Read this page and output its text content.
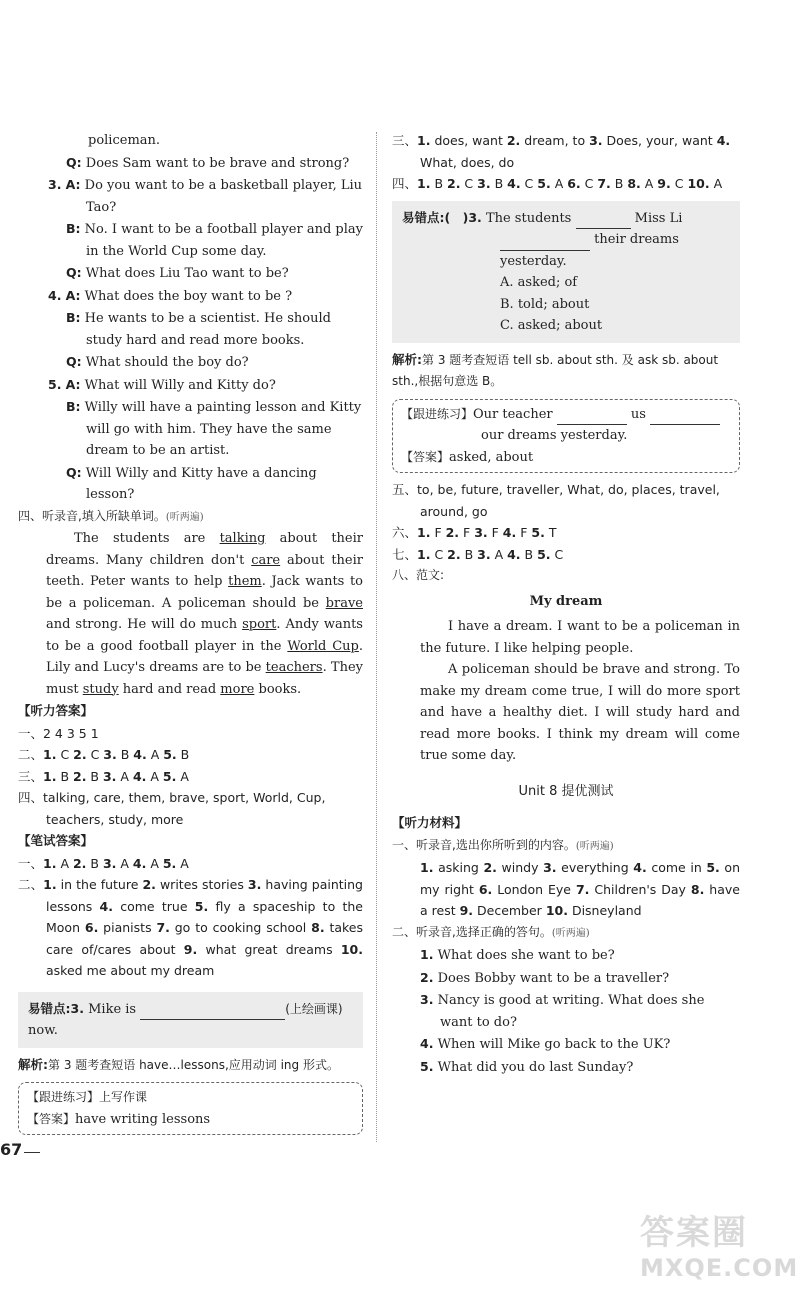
policeman.

Q: Does Sam want to be brave and strong?

3. A: Do you want to be a basketball player, Liu Tao?

B: No. I want to be a football player and play in the World Cup some day.

Q: What does Liu Tao want to be?

4. A: What does the boy want to be ?

B: He wants to be a scientist. He should study hard and read more books.

Q: What should the boy do?

5. A: What will Willy and Kitty do?

B: Willy will have a painting lesson and Kitty will go with him. They have the same dream to be an artist.

Q: Will Willy and Kitty have a dancing lesson?

四、听录音,填入所缺单词。(听两遍)

The students are talking about their dreams. Many children don't care about their teeth. Peter wants to help them. Jack wants to be a policeman. A policeman should be brave and strong. He will do much sport. Andy wants to be a good football player in the World Cup. Lily and Lucy's dreams are to be teachers. They must study hard and read more books.

【听力答案】

一、2 4 3 5 1

二、1. C 2. C 3. B 4. A 5. B

三、1. B 2. B 3. A 4. A 5. A

四、talking, care, them, brave, sport, World, Cup, teachers, study, more

【笔试答案】

一、1. A 2. B 3. A 4. A 5. A

二、1. in the future 2. writes stories 3. having painting lessons 4. come true 5. fly a spaceship to the Moon 6. pianists 7. go to cooking school 8. takes care of/cares about 9. what great dreams 10. asked me about my dream

易错点:3. Mike is	(上绘画课) now.

解析:第 3 题考查短语 have…lessons,应用动词 ing 形式。

【跟进练习】上写作课

【答案】have writing lessons

三、1. does, want 2. dream, to 3. Does, your, want 4. What, does, do

四、1. B 2. C 3. B 4. C 5. A 6. C 7. B 8. A 9. C 10. A

易错点:( )3. The students	Miss Li

their dreams yesterday.

A. asked; of

B. told; about

C. asked; about

解析:第 3 题考查短语 tell sb. about sth. 及 ask sb. about sth.,根据句意选 B。

【跟进练习】Our teacher	us

our dreams yesterday.

【答案】asked, about

五、to, be, future, traveller, What, do, places, travel, around, go

六、1. F 2. F 3. F 4. F 5. T

七、1. C 2. B 3. A 4. B 5. C

八、范文:

My dream

I have a dream. I want to be a policeman in the future. I like helping people.

A policeman should be brave and strong. To make my dream come true, I will do more sport and have a healthy diet. I will study hard and read more books. I think my dream will come true some day.

Unit 8 提优测试

【听力材料】

一、听录音,选出你所听到的内容。(听两遍)

1. asking 2. windy 3. everything 4. come in 5. on my right 6. London Eye 7. Children's Day 8. have a rest 9. December 10. Disneyland

二、听录音,选择正确的答句。(听两遍)

1. What does she want to be?

2. Does Bobby want to be a traveller?

3. Nancy is good at writing. What does she want to do?

4. When will Mike go back to the UK?

5. What did you do last Sunday?

67
答案圈
MXQE.COM
